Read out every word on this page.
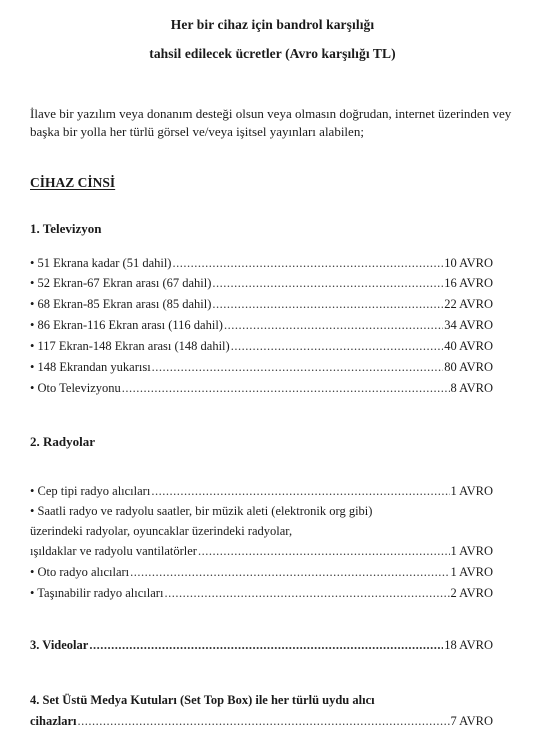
Her bir cihaz için bandrol karşılığı
tahsil edilecek ücretler (Avro karşılığı TL)
İlave bir yazılım veya donanım desteği olsun veya olmasın doğrudan, internet üzerinden vey
başka bir yolla her türlü görsel ve/veya işitsel yayınları alabilen;
CİHAZ CİNSİ
1. Televizyon
• 51 Ekrana kadar (51 dahil) .....	10 AVRO
• 52 Ekran-67 Ekran arası (67 dahil) .....	16 AVRO
• 68 Ekran-85 Ekran arası (85 dahil) .....	22 AVRO
• 86 Ekran-116 Ekran arası (116 dahil) .....	34 AVRO
• 117 Ekran-148 Ekran arası (148 dahil) .....	40 AVRO
• 148 Ekrandan yukarısı .....	80 AVRO
• Oto Televizyonu .....	8 AVRO
2. Radyolar
• Cep tipi radyo alıcıları .....	1 AVRO
• Saatli radyo ve radyolu saatler, bir müzik aleti (elektronik org gibi)
üzerindeki radyolar, oyuncaklar üzerindeki radyolar,
ışıldaklar ve radyolu vantilatörler .....	1 AVRO
• Oto radyo alıcıları .....	1 AVRO
• Taşınabilir radyo alıcıları .....	2 AVRO
3. Videolar .....	18 AVRO
4. Set Üstü Medya Kutuları (Set Top Box) ile her türlü uydu alıcı
cihazları .....	7 AVRO
